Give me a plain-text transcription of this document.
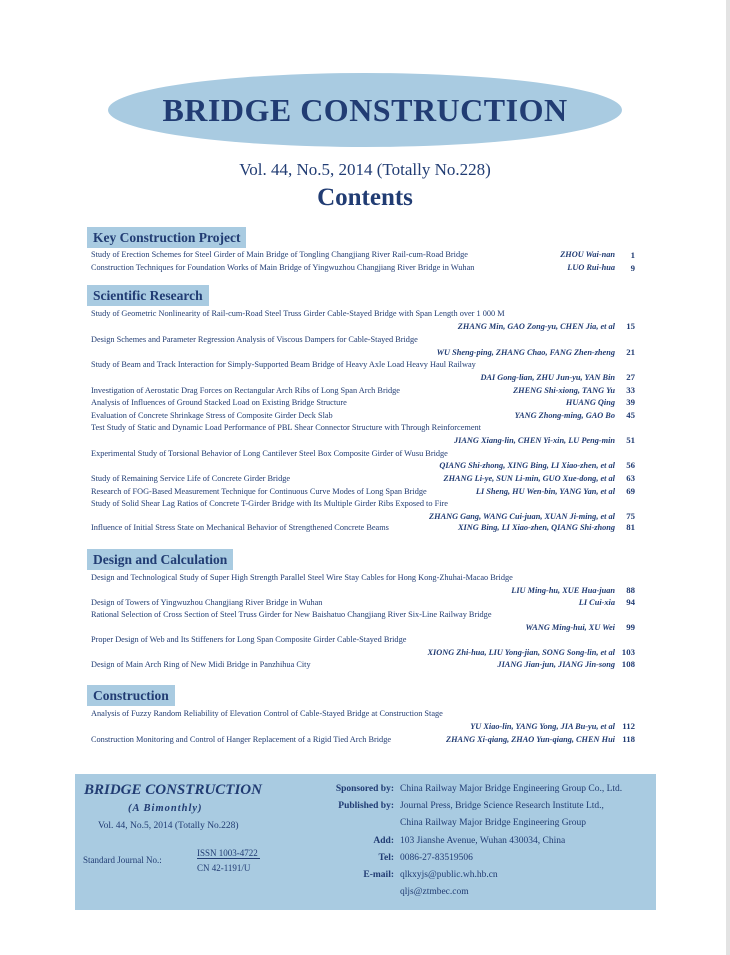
BRIDGE CONSTRUCTION
Vol. 44, No.5, 2014 (Totally No.228)
Contents
Key Construction Project
Study of Erection Schemes for Steel Girder of Main Bridge of Tongling Changjiang River Rail-cum-Road Bridge	ZHOU Wai-nan	1
Construction Techniques for Foundation Works of Main Bridge of Yingwuzhou Changjiang River Bridge in Wuhan	LUO Rui-hua	9
Scientific Research
Study of Geometric Nonlinearity of Rail-cum-Road Steel Truss Girder Cable-Stayed Bridge with Span Length over 1 000 M
ZHANG Min, GAO Zong-yu, CHEN Jia, et al	15
Design Schemes and Parameter Regression Analysis of Viscous Dampers for Cable-Stayed Bridge
WU Sheng-ping, ZHANG Chao, FANG Zhen-zheng	21
Study of Beam and Track Interaction for Simply-Supported Beam Bridge of Heavy Axle Load Heavy Haul Railway
DAI Gong-lian, ZHU Jun-yu, YAN Bin	27
Investigation of Aerostatic Drag Forces on Rectangular Arch Ribs of Long Span Arch Bridge	ZHENG Shi-xiong, TANG Yu	33
Analysis of Influences of Ground Stacked Load on Existing Bridge Structure	HUANG Qing	39
Evaluation of Concrete Shrinkage Stress of Composite Girder Deck Slab	YANG Zhong-ming, GAO Bo	45
Test Study of Static and Dynamic Load Performance of PBL Shear Connector Structure with Through Reinforcement
JIANG Xiang-lin, CHEN Yi-xin, LU Peng-min	51
Experimental Study of Torsional Behavior of Long Cantilever Steel Box Composite Girder of Wusu Bridge
QIANG Shi-zhong, XING Bing, LI Xiao-zhen, et al	56
Study of Remaining Service Life of Concrete Girder Bridge	ZHANG Li-ye, SUN Li-min, GUO Xue-dong, et al	63
Research of FOG-Based Measurement Technique for Continuous Curve Modes of Long Span Bridge	LI Sheng, HU Wen-bin, YANG Yan, et al	69
Study of Solid Shear Lag Ratios of Concrete T-Girder Bridge with Its Multiple Girder Ribs Exposed to Fire
ZHANG Gang, WANG Cui-juan, XUAN Ji-ming, et al	75
Influence of Initial Stress State on Mechanical Behavior of Strengthened Concrete Beams	XING Bing, LI Xiao-zhen, QIANG Shi-zhong	81
Design and Calculation
Design and Technological Study of Super High Strength Parallel Steel Wire Stay Cables for Hong Kong-Zhuhai-Macao Bridge
LIU Ming-hu, XUE Hua-juan	88
Design of Towers of Yingwuzhou Changjiang River Bridge in Wuhan	LI Cui-xia	94
Rational Selection of Cross Section of Steel Truss Girder for New Baishatuo Changjiang River Six-Line Railway Bridge
WANG Ming-hui, XU Wei	99
Proper Design of Web and Its Stiffeners for Long Span Composite Girder Cable-Stayed Bridge
XIONG Zhi-hua, LIU Yong-jian, SONG Song-lin, et al 103
Design of Main Arch Ring of New Midi Bridge in Panzhihua City	JIANG Jian-jun, JIANG Jin-song 108
Construction
Analysis of Fuzzy Random Reliability of Elevation Control of Cable-Stayed Bridge at Construction Stage
YU Xiao-lin, YANG Yong, JIA Bu-yu, et al 112
Construction Monitoring and Control of Hanger Replacement of a Rigid Tied Arch Bridge	ZHANG Xi-qiang, ZHAO Yun-qiang, CHEN Hui 118
BRIDGE CONSTRUCTION
(A Bimonthly)
Vol. 44, No.5, 2014 (Totally No.228)
Standard Journal No.:
ISSN 1003-4722
CN 42-1191/U
Sponsored by: China Railway Major Bridge Engineering Group Co., Ltd.
Published by: Journal Press, Bridge Science Research Institute Ltd.,
China Railway Major Bridge Engineering Group
Add: 103 Jianshe Avenue, Wuhan 430034, China
Tel: 0086-27-83519506
E-mail: qlkxyjs@public.wh.hb.cn
qljs@ztmbec.com
